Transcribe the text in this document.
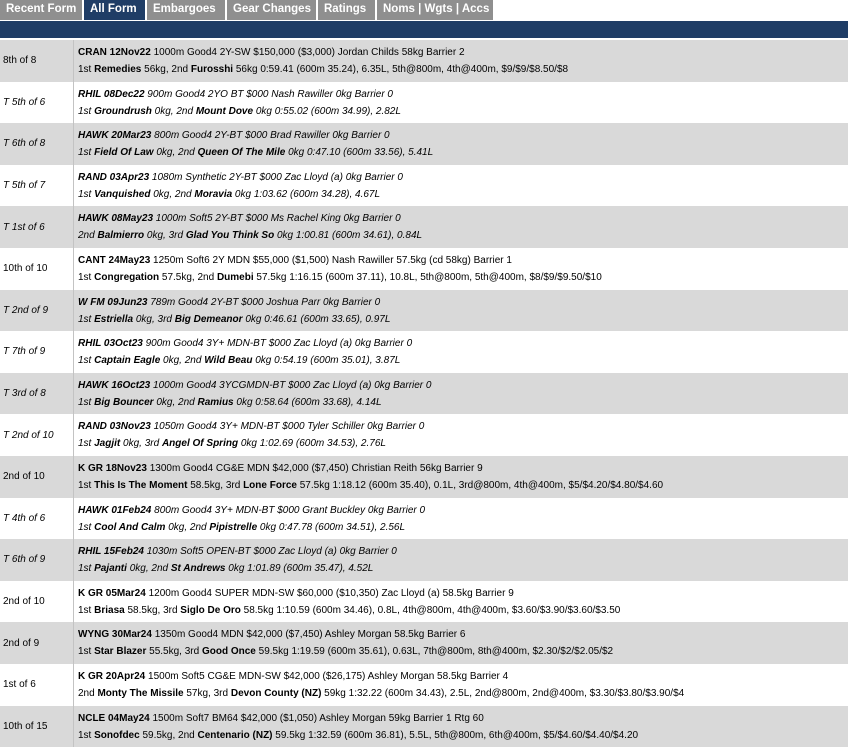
Recent Form	All Form	Embargoes	Gear Changes	Ratings	Noms | Wgts | Accs
8th of 8
CRAN 12Nov22 1000m Good4 2Y-SW $150,000 ($3,000) Jordan Childs 58kg Barrier 2
1st Remedies 56kg, 2nd Furosshi 56kg 0:59.41 (600m 35.24), 6.35L, 5th@800m, 4th@400m, $9/$9/$8.50/$8
T 5th of 6
RHIL 08Dec22 900m Good4 2YO BT $000 Nash Rawiller 0kg Barrier 0
1st Groundrush 0kg, 2nd Mount Dove 0kg 0:55.02 (600m 34.99), 2.82L
T 6th of 8
HAWK 20Mar23 800m Good4 2Y-BT $000 Brad Rawiller 0kg Barrier 0
1st Field Of Law 0kg, 2nd Queen Of The Mile 0kg 0:47.10 (600m 33.56), 5.41L
T 5th of 7
RAND 03Apr23 1080m Synthetic 2Y-BT $000 Zac Lloyd (a) 0kg Barrier 0
1st Vanquished 0kg, 2nd Moravia 0kg 1:03.62 (600m 34.28), 4.67L
T 1st of 6
HAWK 08May23 1000m Soft5 2Y-BT $000 Ms Rachel King 0kg Barrier 0
2nd Balmierro 0kg, 3rd Glad You Think So 0kg 1:00.81 (600m 34.61), 0.84L
10th of 10
CANT 24May23 1250m Soft6 2Y MDN $55,000 ($1,500) Nash Rawiller 57.5kg (cd 58kg) Barrier 1
1st Congregation 57.5kg, 2nd Dumebi 57.5kg 1:16.15 (600m 37.11), 10.8L, 5th@800m, 5th@400m, $8/$9/$9.50/$10
T 2nd of 9
W FM 09Jun23 789m Good4 2Y-BT $000 Joshua Parr 0kg Barrier 0
1st Estriella 0kg, 3rd Big Demeanor 0kg 0:46.61 (600m 33.65), 0.97L
T 7th of 9
RHIL 03Oct23 900m Good4 3Y+ MDN-BT $000 Zac Lloyd (a) 0kg Barrier 0
1st Captain Eagle 0kg, 2nd Wild Beau 0kg 0:54.19 (600m 35.01), 3.87L
T 3rd of 8
HAWK 16Oct23 1000m Good4 3YCGMDN-BT $000 Zac Lloyd (a) 0kg Barrier 0
1st Big Bouncer 0kg, 2nd Ramius 0kg 0:58.64 (600m 33.68), 4.14L
T 2nd of 10
RAND 03Nov23 1050m Good4 3Y+ MDN-BT $000 Tyler Schiller 0kg Barrier 0
1st Jagjit 0kg, 3rd Angel Of Spring 0kg 1:02.69 (600m 34.53), 2.76L
2nd of 10
K GR 18Nov23 1300m Good4 CG&E MDN $42,000 ($7,450) Christian Reith 56kg Barrier 9
1st This Is The Moment 58.5kg, 3rd Lone Force 57.5kg 1:18.12 (600m 35.40), 0.1L, 3rd@800m, 4th@400m, $5/$4.20/$4.80/$4.60
T 4th of 6
HAWK 01Feb24 800m Good4 3Y+ MDN-BT $000 Grant Buckley 0kg Barrier 0
1st Cool And Calm 0kg, 2nd Pipistrelle 0kg 0:47.78 (600m 34.51), 2.56L
T 6th of 9
RHIL 15Feb24 1030m Soft5 OPEN-BT $000 Zac Lloyd (a) 0kg Barrier 0
1st Pajanti 0kg, 2nd St Andrews 0kg 1:01.89 (600m 35.47), 4.52L
2nd of 10
K GR 05Mar24 1200m Good4 SUPER MDN-SW $60,000 ($10,350) Zac Lloyd (a) 58.5kg Barrier 9
1st Briasa 58.5kg, 3rd Siglo De Oro 58.5kg 1:10.59 (600m 34.46), 0.8L, 4th@800m, 4th@400m, $3.60/$3.90/$3.60/$3.50
2nd of 9
WYNG 30Mar24 1350m Good4 MDN $42,000 ($7,450) Ashley Morgan 58.5kg Barrier 6
1st Star Blazer 55.5kg, 3rd Good Once 59.5kg 1:19.59 (600m 35.61), 0.63L, 7th@800m, 8th@400m, $2.30/$2/$2.05/$2
1st of 6
K GR 20Apr24 1500m Soft5 CG&E MDN-SW $42,000 ($26,175) Ashley Morgan 58.5kg Barrier 4
2nd Monty The Missile 57kg, 3rd Devon County (NZ) 59kg 1:32.22 (600m 34.43), 2.5L, 2nd@800m, 2nd@400m, $3.30/$3.80/$3.90/$4
10th of 15
NCLE 04May24 1500m Soft7 BM64 $42,000 ($1,050) Ashley Morgan 59kg Barrier 1 Rtg 60
1st Sonofdec 59.5kg, 2nd Centenario (NZ) 59.5kg 1:32.59 (600m 36.81), 5.5L, 5th@800m, 6th@400m, $5/$4.60/$4.40/$4.20
